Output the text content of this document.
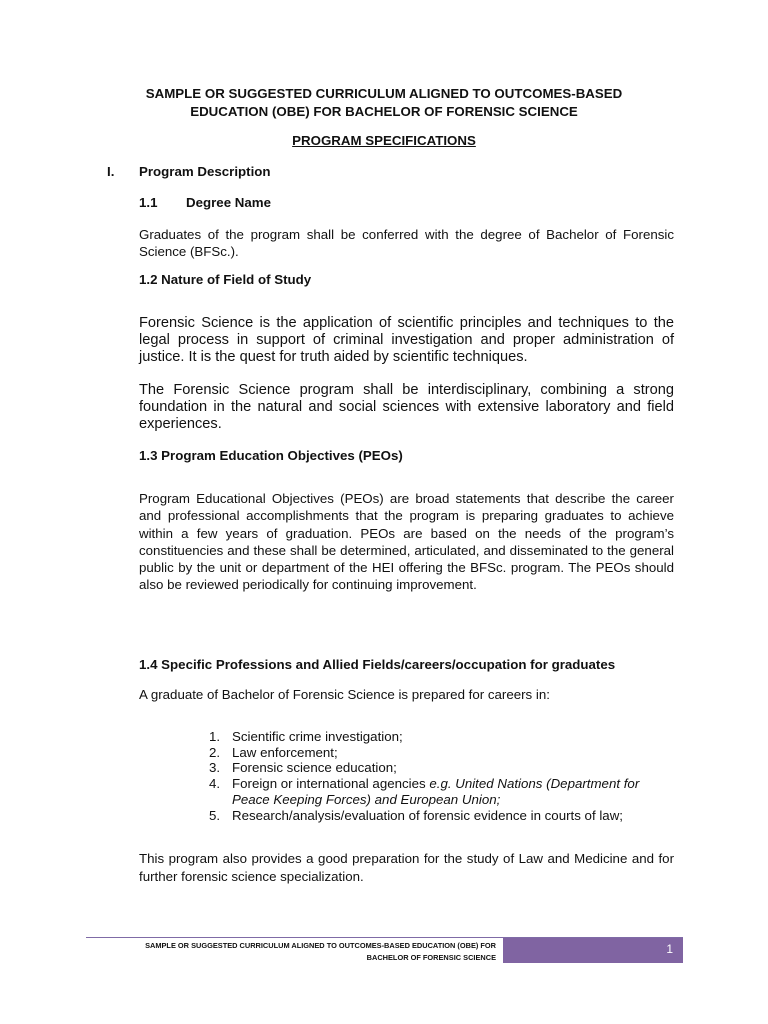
SAMPLE OR SUGGESTED CURRICULUM ALIGNED TO OUTCOMES-BASED
EDUCATION (OBE) FOR BACHELOR OF FORENSIC SCIENCE
PROGRAM SPECIFICATIONS
I. Program Description
1.1 Degree Name
Graduates of the program shall be conferred with the degree of Bachelor of Forensic Science (BFSc.).
1.2 Nature of Field of Study
Forensic Science is the application of scientific principles and techniques to the legal process in support of criminal investigation and proper administration of justice. It is the quest for truth aided by scientific techniques.
The Forensic Science program shall be interdisciplinary, combining a strong foundation in the natural and social sciences with extensive laboratory and field experiences.
1.3 Program Education Objectives (PEOs)
Program Educational Objectives (PEOs) are broad statements that describe the career and professional accomplishments that the program is preparing graduates to achieve within a few years of graduation. PEOs are based on the needs of the program’s constituencies and these shall be determined, articulated, and disseminated to the general public by the unit or department of the HEI offering the BFSc. program. The PEOs should also be reviewed periodically for continuing improvement.
1.4 Specific Professions and Allied Fields/careers/occupation for graduates
A graduate of Bachelor of Forensic Science is prepared for careers in:
1. Scientific crime investigation;
2. Law enforcement;
3. Forensic science education;
4. Foreign or international agencies e.g. United Nations (Department for Peace Keeping Forces) and European Union;
5. Research/analysis/evaluation of forensic evidence in courts of law;
This program also provides a good preparation for the study of Law and Medicine and for further forensic science specialization.
SAMPLE OR SUGGESTED CURRICULUM ALIGNED TO OUTCOMES-BASED EDUCATION (OBE) FOR
BACHELOR OF FORENSIC SCIENCE
1
